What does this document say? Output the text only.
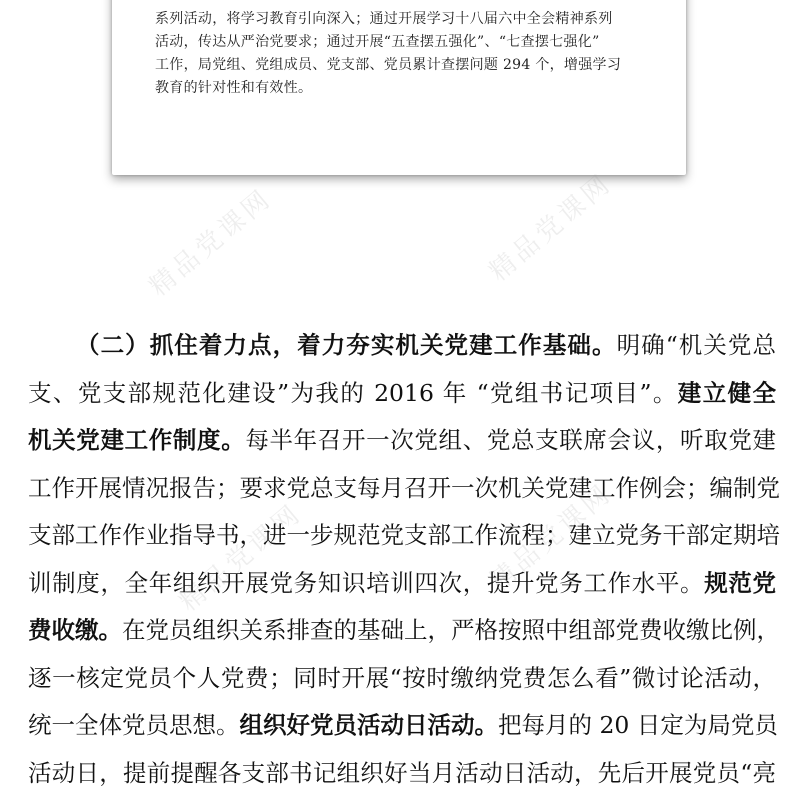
系列活动，将学习教育引向深入；通过开展学习十八届六中全会精神系列

活动，传达从严治党要求；通过开展“五查摆五强化”、“七查摆七强化”

工作，局党组、党组成员、党支部、党员累计查摆问题 294 个，增强学习

教育的针对性和有效性。

精品党课网	精品党课网
精品党课网	精品党课网
（二）抓住着力点，着力夯实机关党建工作基础。明确“机关党总
支、党支部规范化建设”为我的 2016 年 “党组书记项目”。建立健全
机关党建工作制度。每半年召开一次党组、党总支联席会议，听取党建
工作开展情况报告；要求党总支每月召开一次机关党建工作例会；编制党
支部工作作业指导书，进一步规范党支部工作流程；建立党务干部定期培
训制度，全年组织开展党务知识培训四次，提升党务工作水平。规范党
费收缴。在党员组织关系排查的基础上，严格按照中组部党费收缴比例，
逐一核定党员个人党费；同时开展“按时缴纳党费怎么看”微讨论活动，
统一全体党员思想。组织好党员活动日活动。把每月的 20 日定为局党员
活动日，提前提醒各支部书记组织好当月活动日活动，先后开展党员“亮
